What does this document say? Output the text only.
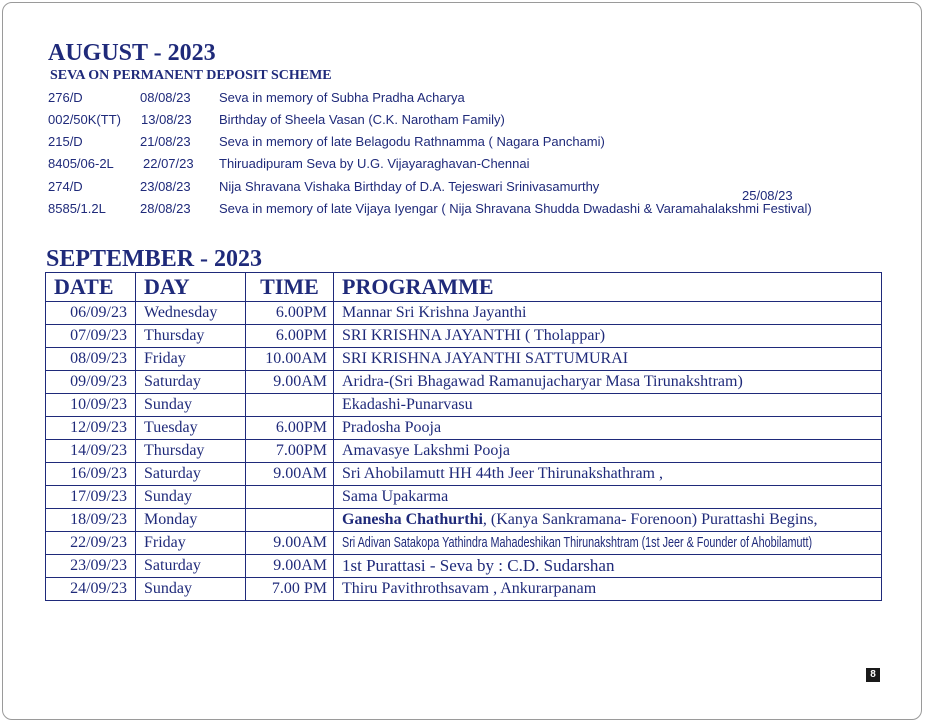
AUGUST - 2023
SEVA ON PERMANENT DEPOSIT SCHEME
276/D	08/08/23 Seva in memory of Subha Pradha Acharya
002/50K(TT) 13/08/23 Birthday of Sheela Vasan (C.K. Narotham Family)
215/D	21/08/23 Seva in memory of late Belagodu Rathnamma ( Nagara Panchami)
8405/06-2L 22/07/23 Thiruadipuram Seva by U.G. Vijayaraghavan-Chennai
274/D	23/08/23 Nija Shravana Vishaka Birthday of D.A. Tejeswari Srinivasamurthy
8585/1.2L	28/08/23 Seva in memory of late Vijaya Iyengar ( Nija Shravana Shudda Dwadashi & Varamahalakshmi Festival)
25/08/23
SEPTEMBER - 2023
DATE	DAY	TIME	PROGRAMME
06/09/23	Wednesday	6.00PM	Mannar Sri Krishna Jayanthi
07/09/23	Thursday	6.00PM	SRI KRISHNA JAYANTHI ( Tholappar)
08/09/23	Friday	10.00AM	SRI KRISHNA JAYANTHI SATTUMURAI
09/09/23	Saturday	9.00AM	Aridra-(Sri Bhagawad Ramanujacharyar Masa Tirunakshtram)
10/09/23	Sunday		Ekadashi-Punarvasu
12/09/23	Tuesday	6.00PM	Pradosha Pooja
14/09/23	Thursday	7.00PM	Amavasye Lakshmi Pooja
16/09/23	Saturday	9.00AM	Sri Ahobilamutt HH 44th Jeer Thirunakshathram ,
17/09/23	Sunday		Sama Upakarma
18/09/23	Monday		Ganesha Chathurthi, (Kanya Sankramana- Forenoon) Purattashi Begins,
22/09/23	Friday	9.00AM	Sri Adivan Satakopa Yathindra Mahadeshikan Thirunakshtram (1st Jeer & Founder of Ahobilamutt)
23/09/23	Saturday	9.00AM	1st Purattasi - Seva by : C.D. Sudarshan
24/09/23	Sunday	7.00 PM	Thiru Pavithrothsavam , Ankurarpanam
8
